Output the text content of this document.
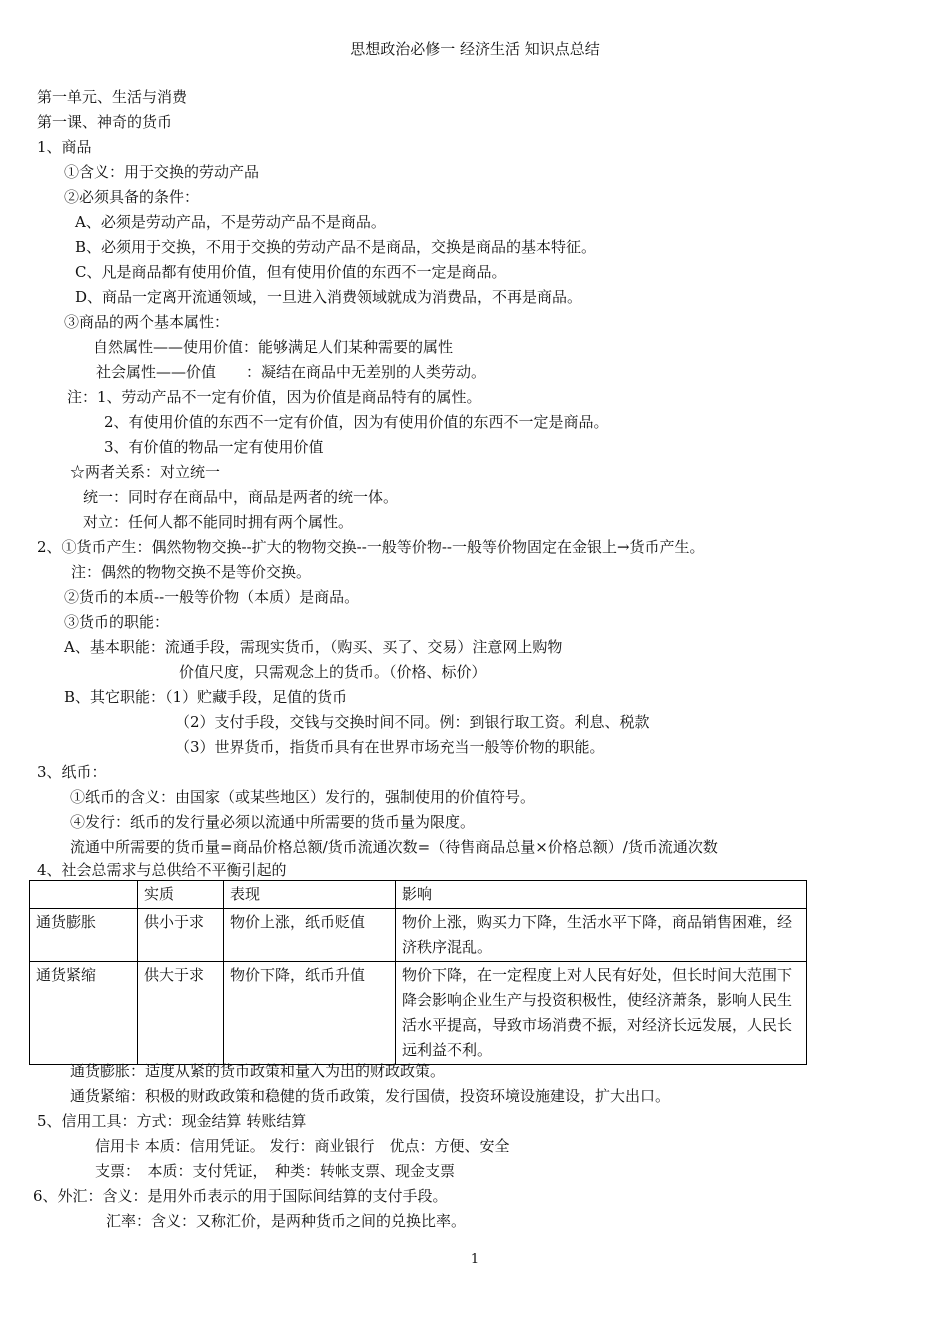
思想政治必修一 经济生活 知识点总结
第一单元、生活与消费
第一课、神奇的货币
1、商品
①含义：用于交换的劳动产品
②必须具备的条件：
A、必须是劳动产品，不是劳动产品不是商品。
B、必须用于交换，不用于交换的劳动产品不是商品，交换是商品的基本特征。
C、凡是商品都有使用价值，但有使用价值的东西不一定是商品。
D、商品一定离开流通领域，一旦进入消费领域就成为消费品，不再是商品。
③商品的两个基本属性：
自然属性——使用价值：能够满足人们某种需要的属性
社会属性——价值　　：凝结在商品中无差别的人类劳动。
注：1、劳动产品不一定有价值，因为价值是商品特有的属性。
2、有使用价值的东西不一定有价值，因为有使用价值的东西不一定是商品。
3、有价值的物品一定有使用价值
☆两者关系：对立统一
统一：同时存在商品中，商品是两者的统一体。
对立：任何人都不能同时拥有两个属性。
2、①货币产生：偶然物物交换--扩大的物物交换--一般等价物--一般等价物固定在金银上→货币产生。
注：偶然的物物交换不是等价交换。
②货币的本质--一般等价物（本质）是商品。
③货币的职能：
A、基本职能：流通手段，需现实货币，（购买、买了、交易）注意网上购物
价值尺度，只需观念上的货币。（价格、标价）
B、其它职能：（1）贮藏手段，足值的货币
（2）支付手段，交钱与交换时间不同。例：到银行取工资。利息、税款
（3）世界货币，指货币具有在世界市场充当一般等价物的职能。
3、纸币：
①纸币的含义：由国家（或某些地区）发行的，强制使用的价值符号。
④发行：纸币的发行量必须以流通中所需要的货币量为限度。
流通中所需要的货币量=商品价格总额/货币流通次数=（待售商品总量×价格总额）/货币流通次数
4、社会总需求与总供给不平衡引起的
	实质	表现	影响
通货膨胀	供小于求	物价上涨，纸币贬值	物价上涨，购买力下降，生活水平下降，商品销售困难，经济秩序混乱。
通货紧缩	供大于求	物价下降，纸币升值	物价下降，在一定程度上对人民有好处，但长时间大范围下降会影响企业生产与投资积极性，使经济萧条，影响人民生活水平提高，导致市场消费不振，对经济长远发展，人民长远利益不利。
通货膨胀：适度从紧的货币政策和量入为出的财政政策。
通货紧缩：积极的财政政策和稳健的货币政策，发行国债，投资环境设施建设，扩大出口。
5、信用工具：方式：现金结算 转账结算
信用卡 本质：信用凭证。 发行：商业银行　优点：方便、安全
支票：　本质：支付凭证，　种类：转帐支票、现金支票
6、外汇：含义：是用外币表示的用于国际间结算的支付手段。
汇率：含义：又称汇价，是两种货币之间的兑换比率。
1
